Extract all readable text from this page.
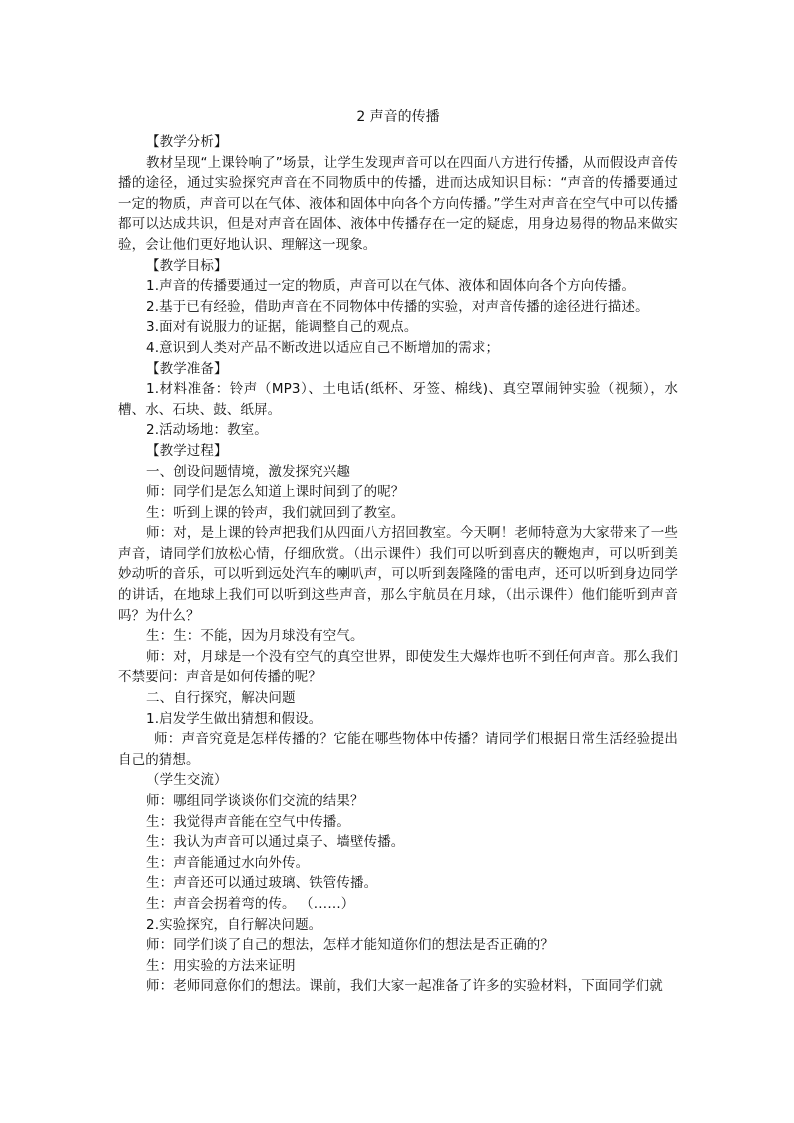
2 声音的传播

【教学分析】

教材呈现“上课铃响了”场景，让学生发现声音可以在四面八方进行传播，从而假设声音传播的途径，通过实验探究声音在不同物质中的传播，进而达成知识目标：“声音的传播要通过一定的物质，声音可以在气体、液体和固体中向各个方向传播。”学生对声音在空气中可以传播都可以达成共识，但是对声音在固体、液体中传播存在一定的疑虑，用身边易得的物品来做实验，会让他们更好地认识、理解这一现象。

【教学目标】

1.声音的传播要通过一定的物质，声音可以在气体、液体和固体向各个方向传播。

2.基于已有经验，借助声音在不同物体中传播的实验，对声音传播的途径进行描述。

3.面对有说服力的证据，能调整自己的观点。

4.意识到人类对产品不断改进以适应自己不断增加的需求；

【教学准备】

1.材料准备：铃声（MP3）、土电话(纸杯、牙签、棉线)、真空罩闹钟实验（视频），水槽、水、石块、鼓、纸屏。

2.活动场地：教室。

【教学过程】

一、创设问题情境，激发探究兴趣

师：同学们是怎么知道上课时间到了的呢？

生：听到上课的铃声，我们就回到了教室。

师：对，是上课的铃声把我们从四面八方招回教室。今天啊！老师特意为大家带来了一些声音，请同学们放松心情，仔细欣赏。（出示课件）我们可以听到喜庆的鞭炮声，可以听到美妙动听的音乐，可以听到远处汽车的喇叭声，可以听到轰隆隆的雷电声，还可以听到身边同学的讲话，在地球上我们可以听到这些声音，那么宇航员在月球，（出示课件）他们能听到声音吗？为什么？

生：生：不能，因为月球没有空气。

师：对，月球是一个没有空气的真空世界，即使发生大爆炸也听不到任何声音。那么我们不禁要问：声音是如何传播的呢？

二、自行探究，解决问题

1.启发学生做出猜想和假设。

师：声音究竟是怎样传播的？它能在哪些物体中传播？请同学们根据日常生活经验提出自己的猜想。

（学生交流）

师：哪组同学谈谈你们交流的结果？

生：我觉得声音能在空气中传播。

生：我认为声音可以通过桌子、墙壁传播。

生：声音能通过水向外传。

生：声音还可以通过玻璃、铁管传播。

生：声音会拐着弯的传。 （……）

2.实验探究，自行解决问题。

师：同学们谈了自己的想法，怎样才能知道你们的想法是否正确的？

生：用实验的方法来证明

师：老师同意你们的想法。课前，我们大家一起准备了许多的实验材料，下面同学们就
